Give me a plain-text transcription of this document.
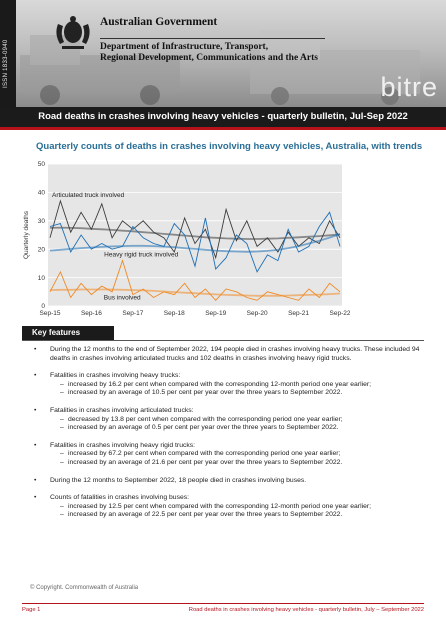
ISSN 1833-0940
Australian Government
Department of Infrastructure, Transport,
Regional Development, Communications and the Arts
bitre
Road deaths in crashes involving heavy vehicles - quarterly bulletin, Jul-Sep 2022
Quarterly counts of deaths in crashes involving heavy vehicles, Australia, with trends
0
10
20
30
40
50
Sep-15	Sep-16	Sep-17	Sep-18	Sep-19	Sep-20	Sep-21	Sep-22
Quarterly deaths
Articulated truck involved
Heavy rigid truck involved
Bus involved
Key features
• During the 12 months to the end of September 2022, 194 people died in crashes involving heavy trucks. These included 94 deaths in crashes involving articulated trucks and 102 deaths in crashes involving heavy rigid trucks.
• Fatalities in crashes involving heavy trucks:
– increased by 16.2 per cent when compared with the corresponding 12-month period one year earlier;
– increased by an average of 10.5 per cent per year over the three years to September 2022.
• Fatalities in crashes involving articulated trucks:
– decreased by 13.8 per cent when compared with the corresponding period one year earlier;
– increased by an average of 0.5 per cent per year over the three years to September 2022.
• Fatalities in crashes involving heavy rigid trucks:
– increased by 67.2 per cent when compared with the corresponding period one year earlier;
– increased by an average of 21.6 per cent per year over the three years to September 2022.
• During the 12 months to September 2022, 18 people died in crashes involving buses.
• Counts of fatalities in crashes involving buses:
– increased by 12.5 per cent when compared with the corresponding 12-month period one year earlier;
– increased by an average of 22.5 per cent per year over the three years to September 2022.
© Copyright. Commonwealth of Australia
Page 1	Road deaths in crashes involving heavy vehicles - quarterly bulletin, July – September 2022
